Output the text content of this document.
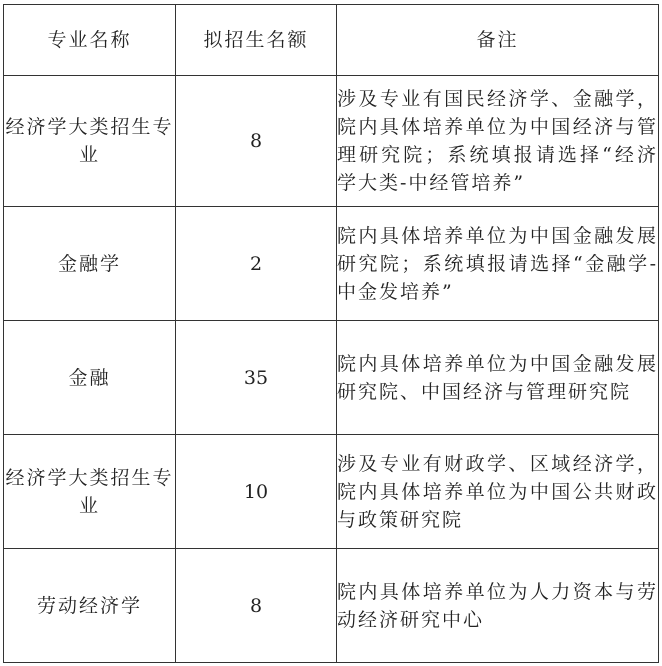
专业名称	拟招生名额	备注
经济学大类招生专业	8	涉及专业有国民经济学、金融学，院内具体培养单位为中国经济与管理研究院；系统填报请选择“经济学大类-中经管培养”
金融学	2	院内具体培养单位为中国金融发展研究院；系统填报请选择“金融学-中金发培养”
金融	35	院内具体培养单位为中国金融发展研究院、中国经济与管理研究院
经济学大类招生专业	10	涉及专业有财政学、区域经济学，院内具体培养单位为中国公共财政与政策研究院
劳动经济学	8	院内具体培养单位为人力资本与劳动经济研究中心
